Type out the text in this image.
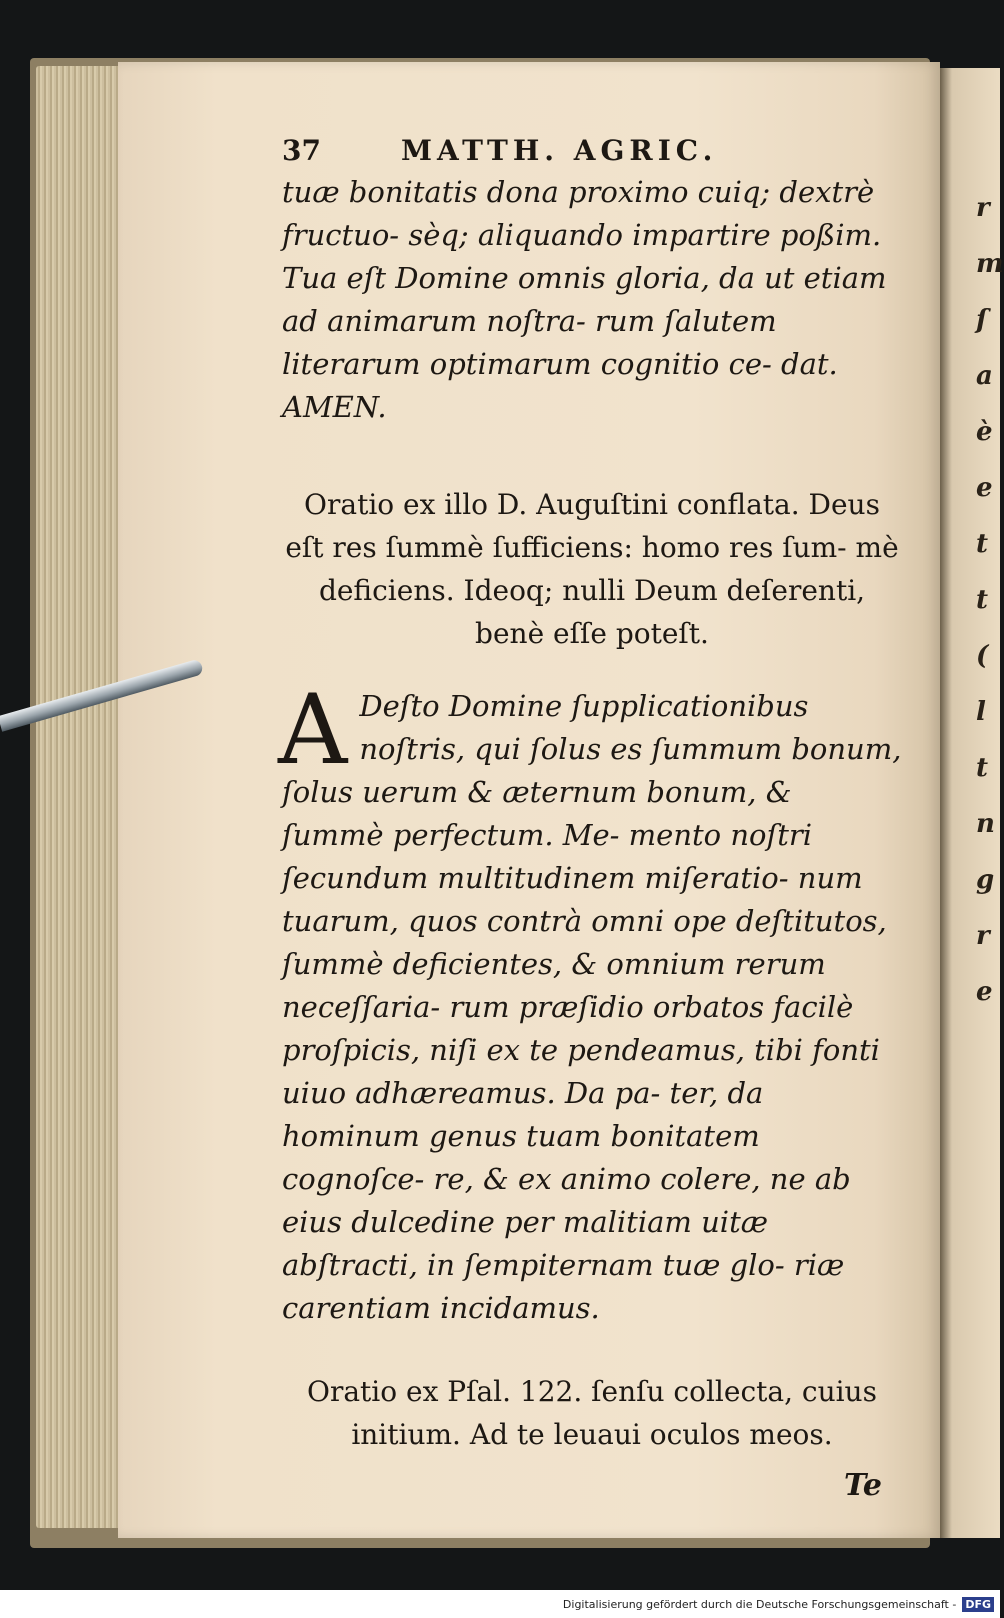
r
m
ſ
a
è
e
t
t
(
l
t
n
g
r
e
37	MATTH. AGRIC.

tuæ bonitatis dona proximo cuiq; dextrè fructuo- sèq; aliquando impartire poßim. Tua eſt Domine omnis gloria, da ut etiam ad animarum noſtra- rum ſalutem literarum optimarum cognitio ce- dat. AMEN.

Oratio ex illo D. Auguſtini conflata. Deus eſt res ſummè ſufficiens: homo res ſum- mè deficiens. Ideoq; nulli Deum deſerenti, benè eſſe poteſt.

A Deſto Domine ſupplicationibus noſtris, qui ſolus es ſummum bonum, ſolus uerum & æternum bonum, & ſummè perfectum. Me- mento noſtri ſecundum multitudinem miſeratio- num tuarum, quos contrà omni ope deſtitutos, ſummè deficientes, & omnium rerum neceſſaria- rum præſidio orbatos facilè proſpicis, niſi ex te pendeamus, tibi fonti uiuo adhæreamus. Da pa- ter, da hominum genus tuam bonitatem cognoſce- re, & ex animo colere, ne ab eius dulcedine per malitiam uitæ abſtracti, in ſempiternam tuæ glo- riæ carentiam incidamus.

Oratio ex Pſal. 122. ſenſu collecta, cuius initium. Ad te leuaui oculos meos.

Te
Digitalisierung gefördert durch die Deutsche Forschungsgemeinschaft - DFG
